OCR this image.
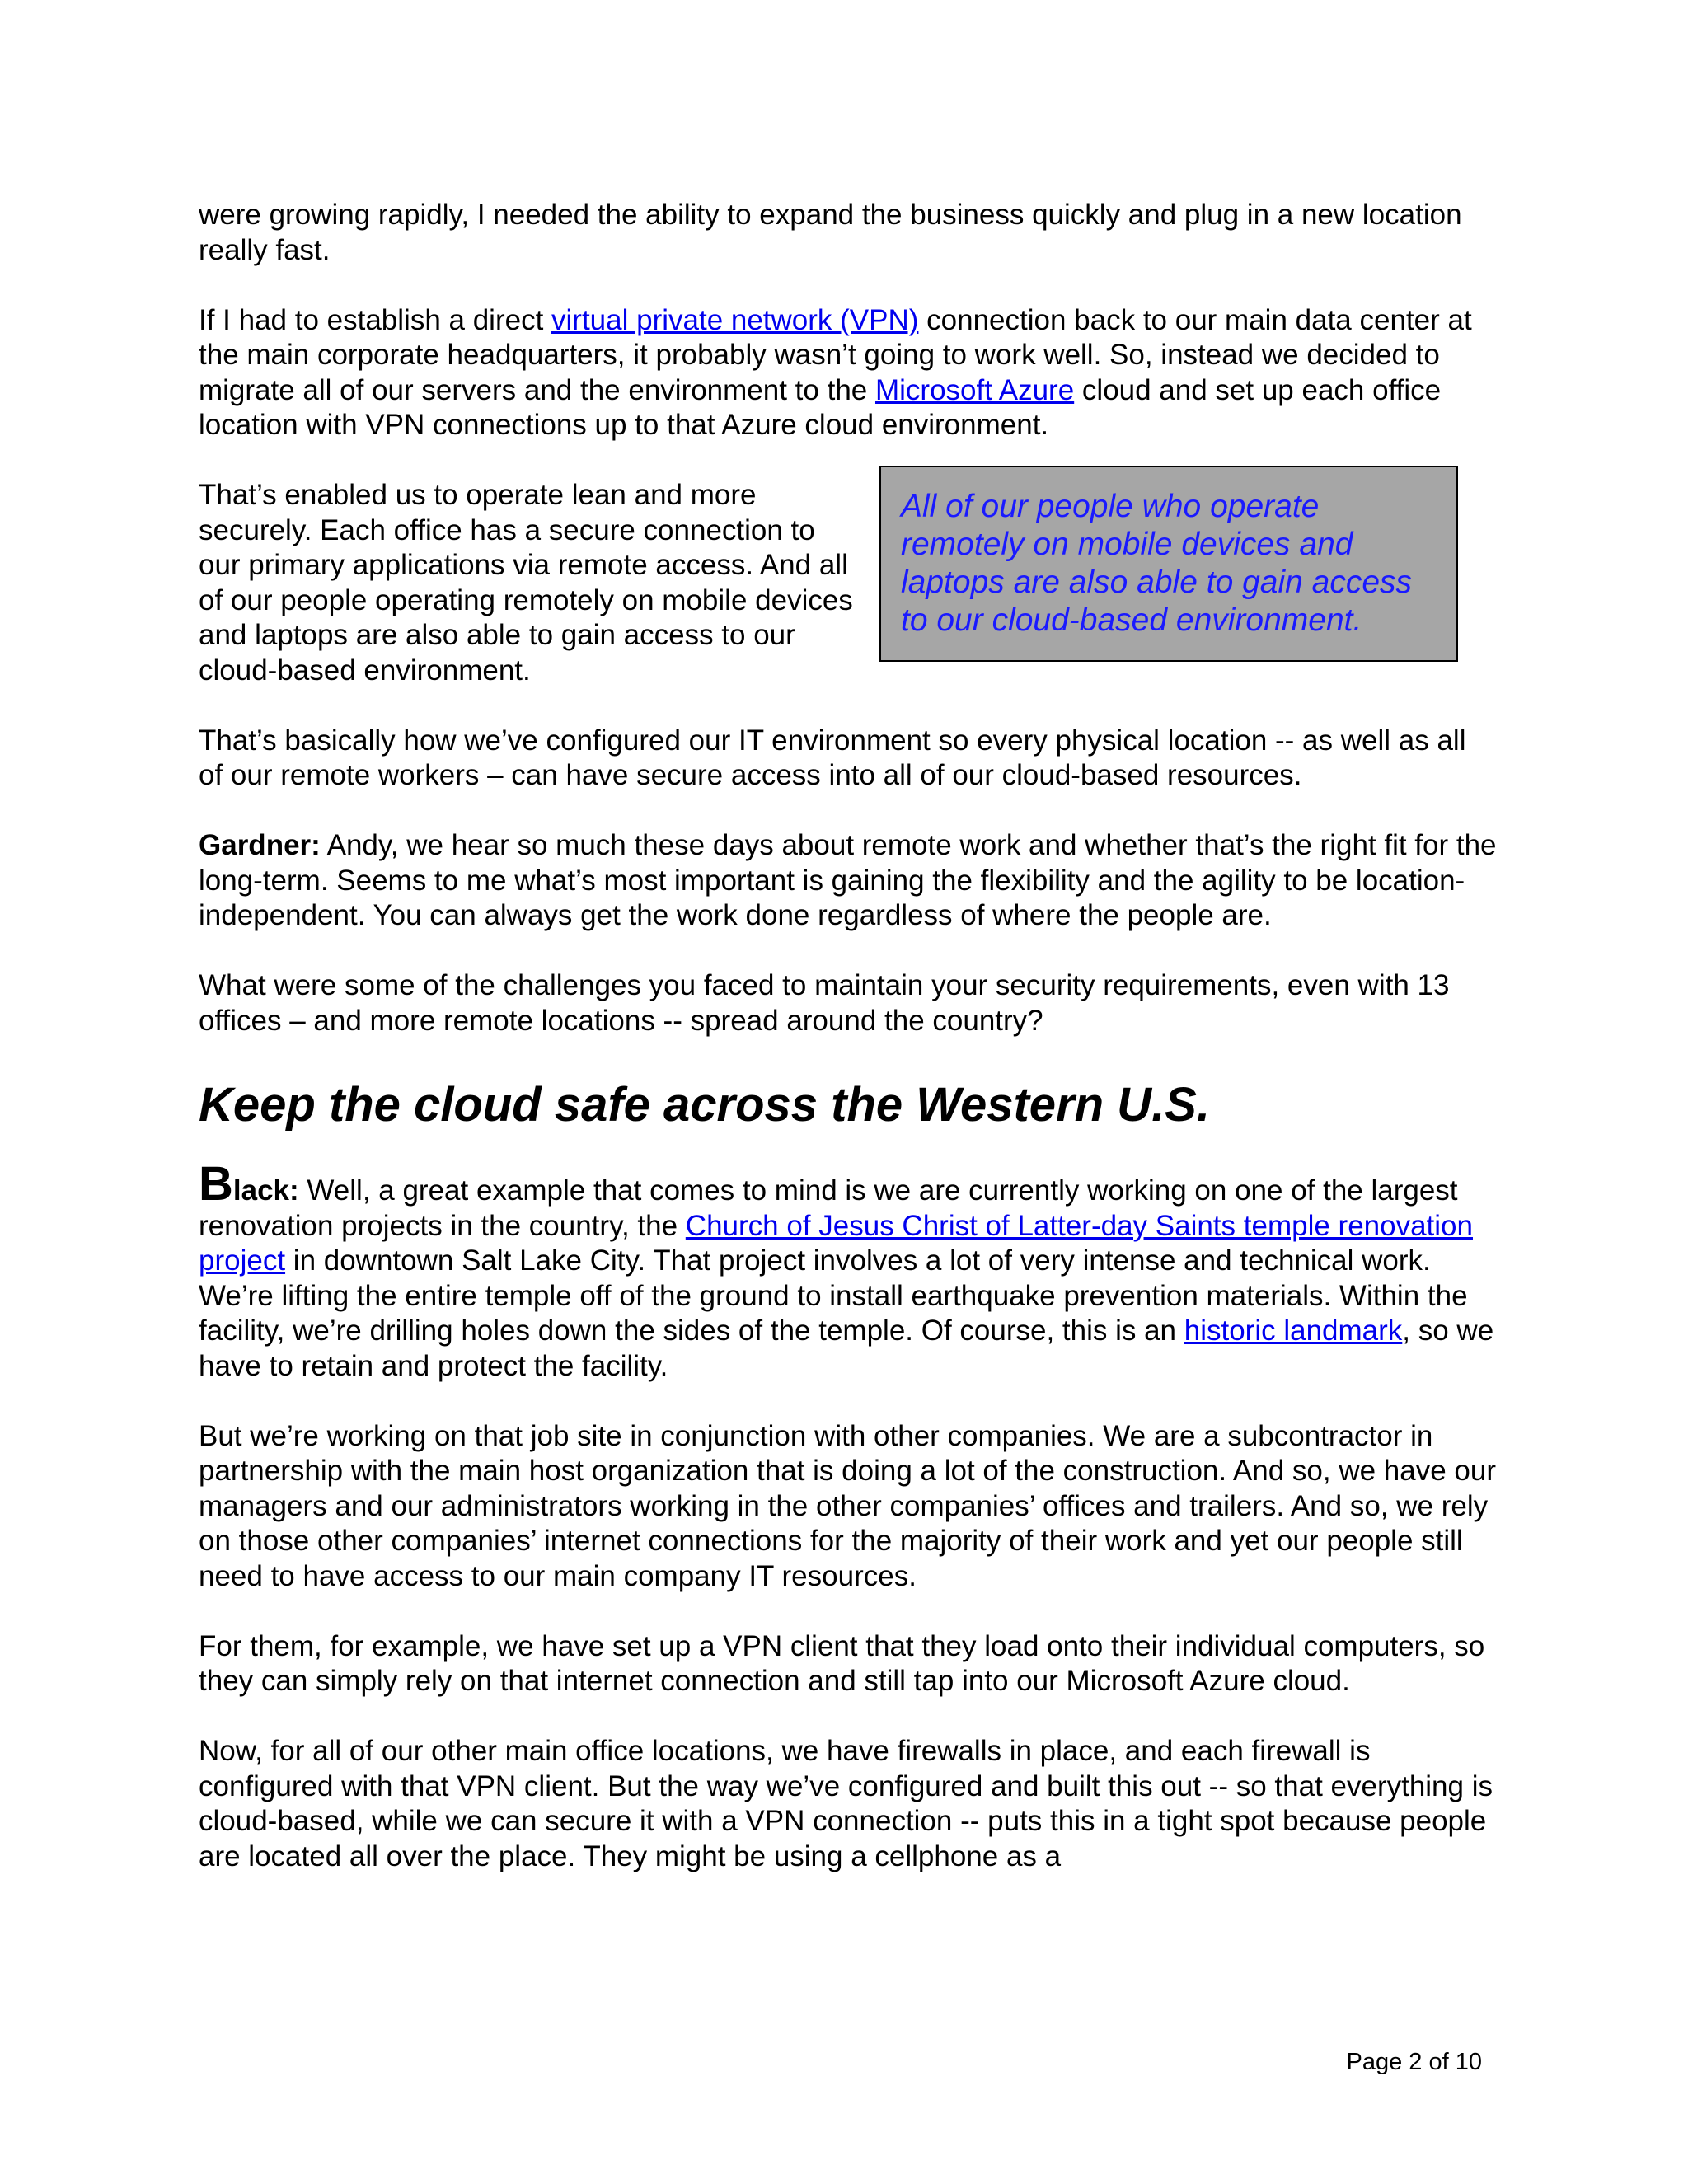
were growing rapidly, I needed the ability to expand the business quickly and plug in a new location really fast.

If I had to establish a direct virtual private network (VPN) connection back to our main data center at the main corporate headquarters, it probably wasn’t going to work well. So, instead we decided to migrate all of our servers and the environment to the Microsoft Azure cloud and set up each office location with VPN connections up to that Azure cloud environment.

That’s enabled us to operate lean and more securely. Each office has a secure connection to our primary applications via remote access. And all of our people operating remotely on mobile devices and laptops are also able to gain access to our cloud-based environment.

All of our people who operate remotely on mobile devices and laptops are also able to gain access to our cloud-based environment.

That’s basically how we’ve configured our IT environment so every physical location -- as well as all of our remote workers – can have secure access into all of our cloud-based resources.

Gardner: Andy, we hear so much these days about remote work and whether that’s the right fit for the long-term. Seems to me what’s most important is gaining the flexibility and the agility to be location-independent. You can always get the work done regardless of where the people are.

What were some of the challenges you faced to maintain your security requirements, even with 13 offices – and more remote locations -- spread around the country?

Keep the cloud safe across the Western U.S.

Black: Well, a great example that comes to mind is we are currently working on one of the largest renovation projects in the country, the Church of Jesus Christ of Latter-day Saints temple renovation project in downtown Salt Lake City. That project involves a lot of very intense and technical work. We’re lifting the entire temple off of the ground to install earthquake prevention materials. Within the facility, we’re drilling holes down the sides of the temple. Of course, this is an historic landmark, so we have to retain and protect the facility.

But we’re working on that job site in conjunction with other companies. We are a subcontractor in partnership with the main host organization that is doing a lot of the construction. And so, we have our managers and our administrators working in the other companies’ offices and trailers. And so, we rely on those other companies’ internet connections for the majority of their work and yet our people still need to have access to our main company IT resources.

For them, for example, we have set up a VPN client that they load onto their individual computers, so they can simply rely on that internet connection and still tap into our Microsoft Azure cloud.

Now, for all of our other main office locations, we have firewalls in place, and each firewall is configured with that VPN client. But the way we’ve configured and built this out -- so that everything is cloud-based, while we can secure it with a VPN connection -- puts this in a tight spot because people are located all over the place. They might be using a cellphone as a

Page 2 of 10
